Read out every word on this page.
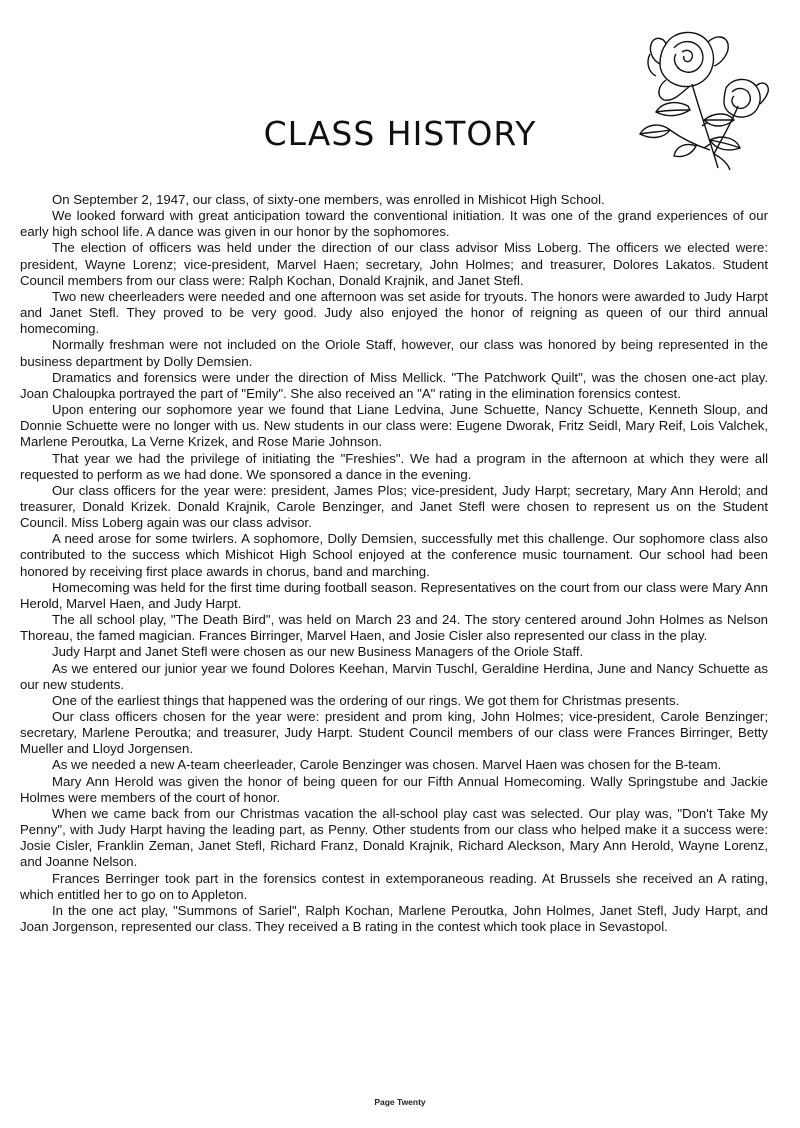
CLASS HISTORY

On September 2, 1947, our class, of sixty-one members, was enrolled in Mishicot High School.

We looked forward with great anticipation toward the conventional initiation. It was one of the grand experiences of our early high school life. A dance was given in our honor by the sophomores.

The election of officers was held under the direction of our class advisor Miss Loberg. The officers we elected were: president, Wayne Lorenz; vice-president, Marvel Haen; secretary, John Holmes; and treasurer, Dolores Lakatos. Student Council members from our class were: Ralph Kochan, Donald Krajnik, and Janet Stefl.

Two new cheerleaders were needed and one afternoon was set aside for tryouts. The honors were awarded to Judy Harpt and Janet Stefl. They proved to be very good. Judy also enjoyed the honor of reigning as queen of our third annual homecoming.

Normally freshman were not included on the Oriole Staff, however, our class was honored by being represented in the business department by Dolly Demsien.

Dramatics and forensics were under the direction of Miss Mellick. "The Patchwork Quilt", was the chosen one-act play. Joan Chaloupka portrayed the part of "Emily". She also received an "A" rating in the elimination forensics contest.

Upon entering our sophomore year we found that Liane Ledvina, June Schuette, Nancy Schuette, Kenneth Sloup, and Donnie Schuette were no longer with us. New students in our class were: Eugene Dworak, Fritz Seidl, Mary Reif, Lois Valchek, Marlene Peroutka, La Verne Krizek, and Rose Marie Johnson.

That year we had the privilege of initiating the "Freshies". We had a program in the afternoon at which they were all requested to perform as we had done. We sponsored a dance in the evening.

Our class officers for the year were: president, James Plos; vice-president, Judy Harpt; secretary, Mary Ann Herold; and treasurer, Donald Krizek. Donald Krajnik, Carole Benzinger, and Janet Stefl were chosen to represent us on the Student Council. Miss Loberg again was our class advisor.

A need arose for some twirlers. A sophomore, Dolly Demsien, successfully met this challenge. Our sophomore class also contributed to the success which Mishicot High School enjoyed at the conference music tournament. Our school had been honored by receiving first place awards in chorus, band and marching.

Homecoming was held for the first time during football season. Representatives on the court from our class were Mary Ann Herold, Marvel Haen, and Judy Harpt.

The all school play, "The Death Bird", was held on March 23 and 24. The story centered around John Holmes as Nelson Thoreau, the famed magician. Frances Birringer, Marvel Haen, and Josie Cisler also represented our class in the play.

Judy Harpt and Janet Stefl were chosen as our new Business Managers of the Oriole Staff.

As we entered our junior year we found Dolores Keehan, Marvin Tuschl, Geraldine Herdina, June and Nancy Schuette as our new students.

One of the earliest things that happened was the ordering of our rings. We got them for Christmas presents.

Our class officers chosen for the year were: president and prom king, John Holmes; vice-president, Carole Benzinger; secretary, Marlene Peroutka; and treasurer, Judy Harpt. Student Council members of our class were Frances Birringer, Betty Mueller and Lloyd Jorgensen.

As we needed a new A-team cheerleader, Carole Benzinger was chosen. Marvel Haen was chosen for the B-team.

Mary Ann Herold was given the honor of being queen for our Fifth Annual Homecoming. Wally Springstube and Jackie Holmes were members of the court of honor.

When we came back from our Christmas vacation the all-school play cast was selected. Our play was, "Don't Take My Penny", with Judy Harpt having the leading part, as Penny. Other students from our class who helped make it a success were: Josie Cisler, Franklin Zeman, Janet Stefl, Richard Franz, Donald Krajnik, Richard Aleckson, Mary Ann Herold, Wayne Lorenz, and Joanne Nelson.

Frances Berringer took part in the forensics contest in extemporaneous reading. At Brussels she received an A rating, which entitled her to go on to Appleton.

In the one act play, "Summons of Sariel", Ralph Kochan, Marlene Peroutka, John Holmes, Janet Stefl, Judy Harpt, and Joan Jorgenson, represented our class. They received a B rating in the contest which took place in Sevastopol.

Page Twenty
